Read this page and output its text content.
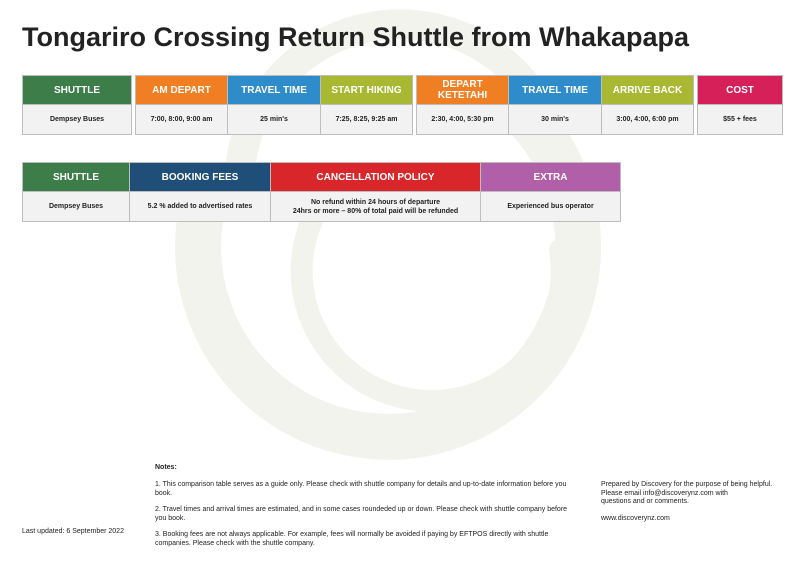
Tongariro Crossing Return Shuttle from Whakapapa
SHUTTLE
Dempsey Buses
AM DEPART
7:00, 8:00, 9:00 am
TRAVEL TIME
25 min's
START HIKING
7:25, 8:25, 9:25 am
DEPART KETETAHI
2:30, 4:00, 5:30 pm
TRAVEL TIME
30 min's
ARRIVE BACK
3:00, 4:00, 6:00 pm
COST
$55 + fees
SHUTTLE
Dempsey Buses
BOOKING FEES
5.2 % added to advertised rates
CANCELLATION POLICY
No refund within 24 hours of departure
24hrs or more – 80% of total paid will be refunded
EXTRA
Experienced bus operator
Notes:

1. This comparison table serves as a guide only. Please check with shuttle company for details and up-to-date information before you book.

2. Travel times and arrival times are estimated, and in some cases roundeded up or down. Please check with shuttle company before you book.

3. Booking fees are not always applicable. For example, fees will normally be avoided if paying by EFTPOS directly with shuttle companies. Please check with the shuttle company.

Last updated: 6 September 2022
Prepared by Discovery for the purpose of being helpful.
Please email info@discoverynz.com with
questions and or comments.
www.discoverynz.com
